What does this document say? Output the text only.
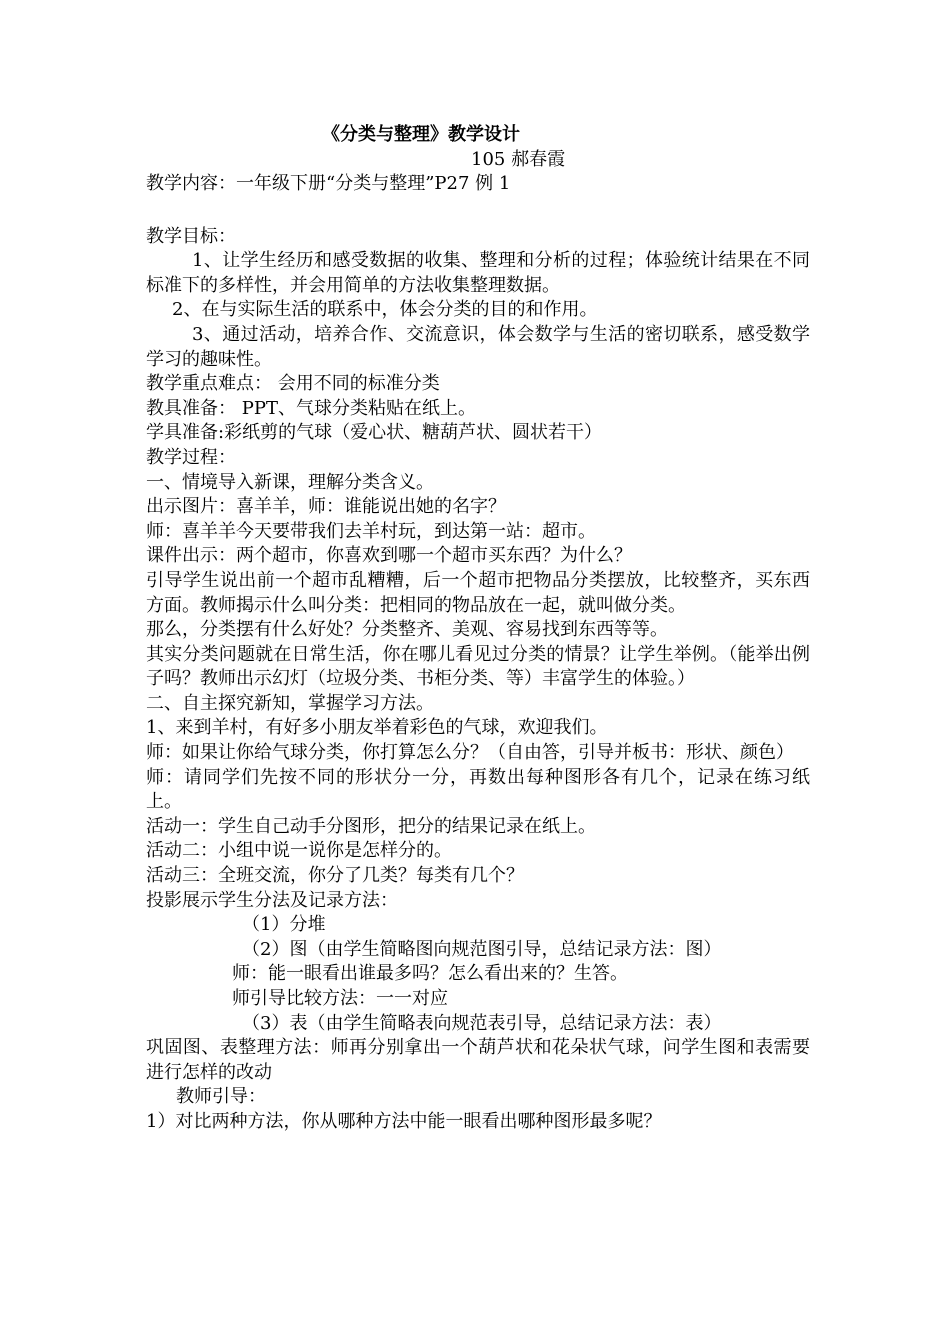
《分类与整理》教学设计
105 郝春霞
教学内容：一年级下册“分类与整理”P27 例 1
教学目标：
1、让学生经历和感受数据的收集、整理和分析的过程；体验统计结果在不同标准下的多样性，并会用简单的方法收集整理数据。
2、在与实际生活的联系中，体会分类的目的和作用。
3、通过活动，培养合作、交流意识，体会数学与生活的密切联系，感受数学学习的趣味性。
教学重点难点： 会用不同的标准分类
教具准备： PPT、气球分类粘贴在纸上。
学具准备:彩纸剪的气球（爱心状、糖葫芦状、圆状若干）
教学过程：
一、情境导入新课，理解分类含义。
出示图片：喜羊羊，师：谁能说出她的名字？
师：喜羊羊今天要带我们去羊村玩，到达第一站：超市。
课件出示：两个超市，你喜欢到哪一个超市买东西？为什么？
引导学生说出前一个超市乱糟糟，后一个超市把物品分类摆放，比较整齐，买东西方面。教师揭示什么叫分类：把相同的物品放在一起，就叫做分类。
那么，分类摆有什么好处？分类整齐、美观、容易找到东西等等。
其实分类问题就在日常生活，你在哪儿看见过分类的情景？让学生举例。（能举出例子吗？教师出示幻灯（垃圾分类、书柜分类、等）丰富学生的体验。）
二、自主探究新知，掌握学习方法。
1、来到羊村，有好多小朋友举着彩色的气球，欢迎我们。
师：如果让你给气球分类，你打算怎么分？（自由答，引导并板书：形状、颜色）
师：请同学们先按不同的形状分一分，再数出每种图形各有几个，记录在练习纸上。
活动一：学生自己动手分图形，把分的结果记录在纸上。
活动二：小组中说一说你是怎样分的。
活动三：全班交流，你分了几类？每类有几个？
投影展示学生分法及记录方法：
（1）分堆
（2）图（由学生简略图向规范图引导，总结记录方法：图）
师：能一眼看出谁最多吗？怎么看出来的？生答。
师引导比较方法：一一对应
（3）表（由学生简略表向规范表引导，总结记录方法：表）
巩固图、表整理方法：师再分别拿出一个葫芦状和花朵状气球，问学生图和表需要进行怎样的改动
教师引导：
1）对比两种方法，你从哪种方法中能一眼看出哪种图形最多呢？
